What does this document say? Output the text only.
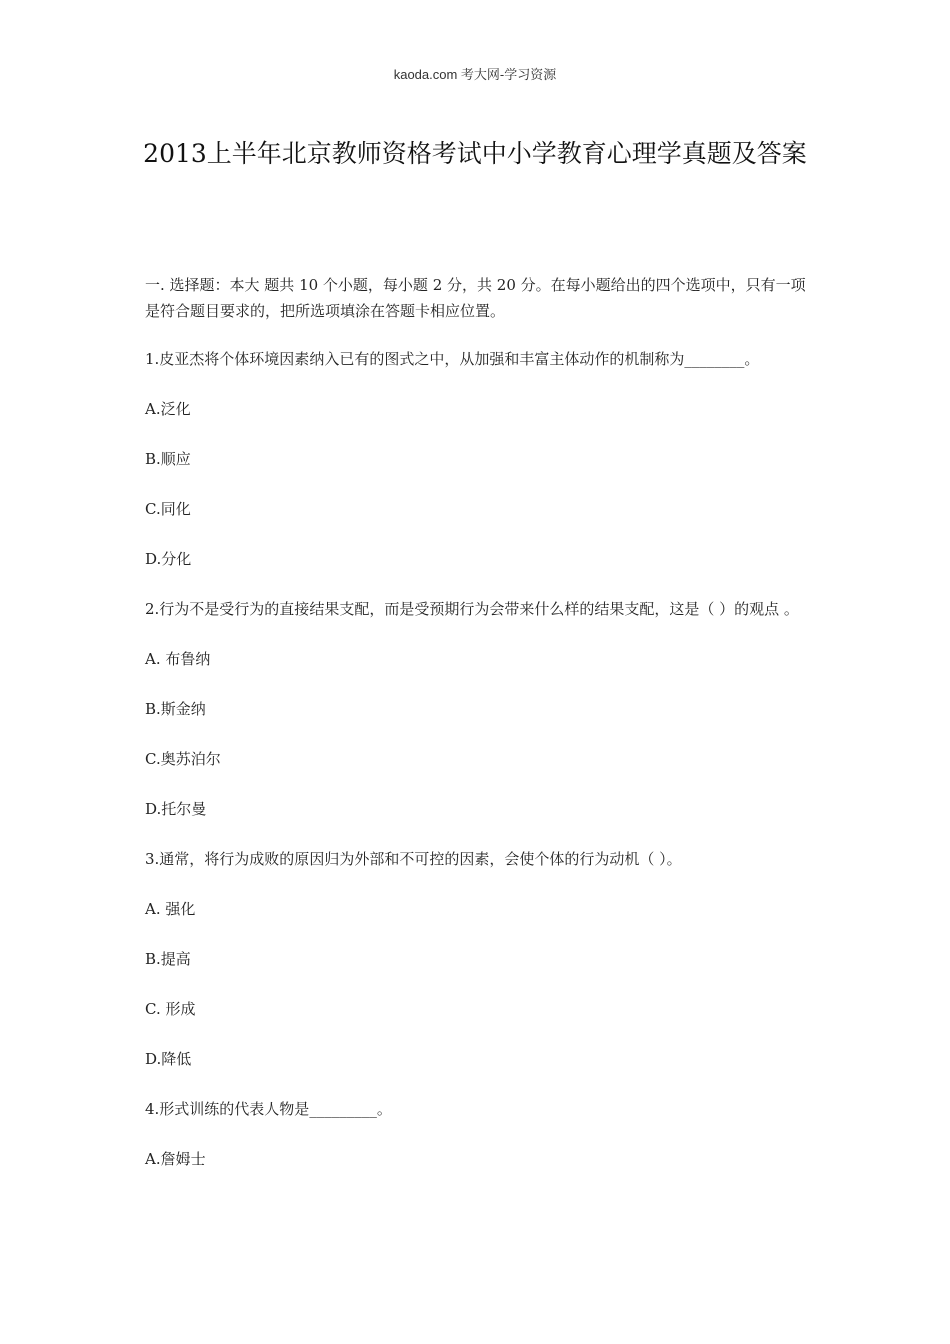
kaoda.com 考大网-学习资源
2013上半年北京教师资格考试中小学教育心理学真题及答案

一. 选择题：本大 题共 10 个小题，每小题 2 分，共 20 分。在每小题给出的四个选项中，只有一项是符合题目要求的，把所选项填涂在答题卡相应位置。

1.皮亚杰将个体环境因素纳入已有的图式之中，从加强和丰富主体动作的机制称为________。

A.泛化

B.顺应

C.同化

D.分化

2.行为不是受行为的直接结果支配，而是受预期行为会带来什么样的结果支配，这是（ ）的观点 。

A. 布鲁纳

B.斯金纳

C.奥苏泊尔

D.托尔曼

3.通常，将行为成败的原因归为外部和不可控的因素，会使个体的行为动机（ ）。

A. 强化

B.提高

C. 形成

D.降低

4.形式训练的代表人物是_________。

A.詹姆士
